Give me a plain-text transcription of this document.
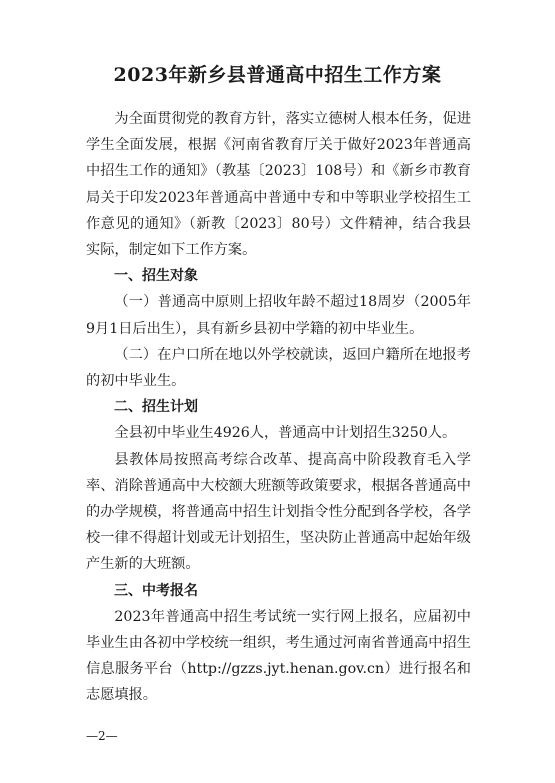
2023年新乡县普通高中招生工作方案

为全面贯彻党的教育方针，落实立德树人根本任务，促进学生全面发展，根据《河南省教育厅关于做好2023年普通高中招生工作的通知》（教基〔2023〕108号）和《新乡市教育局关于印发2023年普通高中普通中专和中等职业学校招生工作意见的通知》（新教〔2023〕80号）文件精神，结合我县实际，制定如下工作方案。

一、招生对象

（一）普通高中原则上招收年龄不超过18周岁（2005年9月1日后出生），具有新乡县初中学籍的初中毕业生。

（二）在户口所在地以外学校就读，返回户籍所在地报考的初中毕业生。

二、招生计划

全县初中毕业生4926人，普通高中计划招生3250人。

县教体局按照高考综合改革、提高高中阶段教育毛入学率、消除普通高中大校额大班额等政策要求，根据各普通高中的办学规模，将普通高中招生计划指令性分配到各学校，各学校一律不得超计划或无计划招生，坚决防止普通高中起始年级产生新的大班额。

三、中考报名

2023年普通高中招生考试统一实行网上报名，应届初中毕业生由各初中学校统一组织，考生通过河南省普通高中招生信息服务平台（http://gzzs.jyt.henan.gov.cn）进行报名和志愿填报。

—2—
